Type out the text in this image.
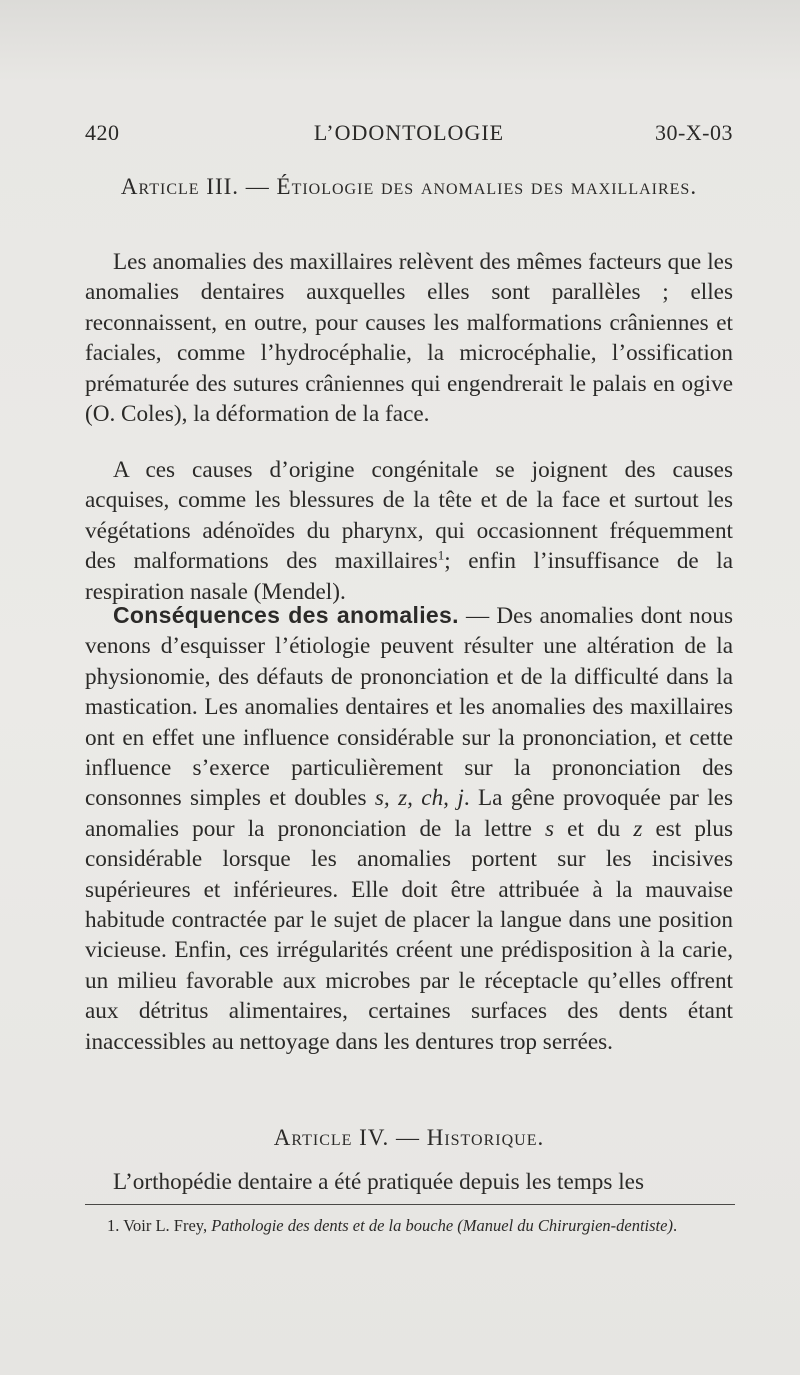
420	L’ODONTOLOGIE	30-X-03
Article III. — Étiologie des anomalies des maxillaires.
Les anomalies des maxillaires relèvent des mêmes facteurs que les anomalies dentaires auxquelles elles sont parallèles ; elles reconnaissent, en outre, pour causes les malformations crâniennes et faciales, comme l’hydrocéphalie, la microcéphalie, l’ossification prématurée des sutures crâniennes qui engendrerait le palais en ogive (O. Coles), la déformation de la face.
A ces causes d’origine congénitale se joignent des causes acquises, comme les blessures de la tête et de la face et surtout les végétations adénoïdes du pharynx, qui occasionnent fréquemment des malformations des maxillaires$^1$; enfin l’insuffisance de la respiration nasale (Mendel).
Conséquences des anomalies. — Des anomalies dont nous venons d’esquisser l’étiologie peuvent résulter une altération de la physionomie, des défauts de prononciation et de la difficulté dans la mastication. Les anomalies dentaires et les anomalies des maxillaires ont en effet une influence considérable sur la prononciation, et cette influence s’exerce particulièrement sur la prononciation des consonnes simples et doubles s, z, ch, j. La gêne provoquée par les anomalies pour la prononciation de la lettre s et du z est plus considérable lorsque les anomalies portent sur les incisives supérieures et inférieures. Elle doit être attribuée à la mauvaise habitude contractée par le sujet de placer la langue dans une position vicieuse. Enfin, ces irrégularités créent une prédisposition à la carie, un milieu favorable aux microbes par le réceptacle qu’elles offrent aux détritus alimentaires, certaines surfaces des dents étant inaccessibles au nettoyage dans les dentures trop serrées.
Article IV. — Historique.
L’orthopédie dentaire a été pratiquée depuis les temps les
1. Voir L. Frey, Pathologie des dents et de la bouche (Manuel du Chirurgien-dentiste).
